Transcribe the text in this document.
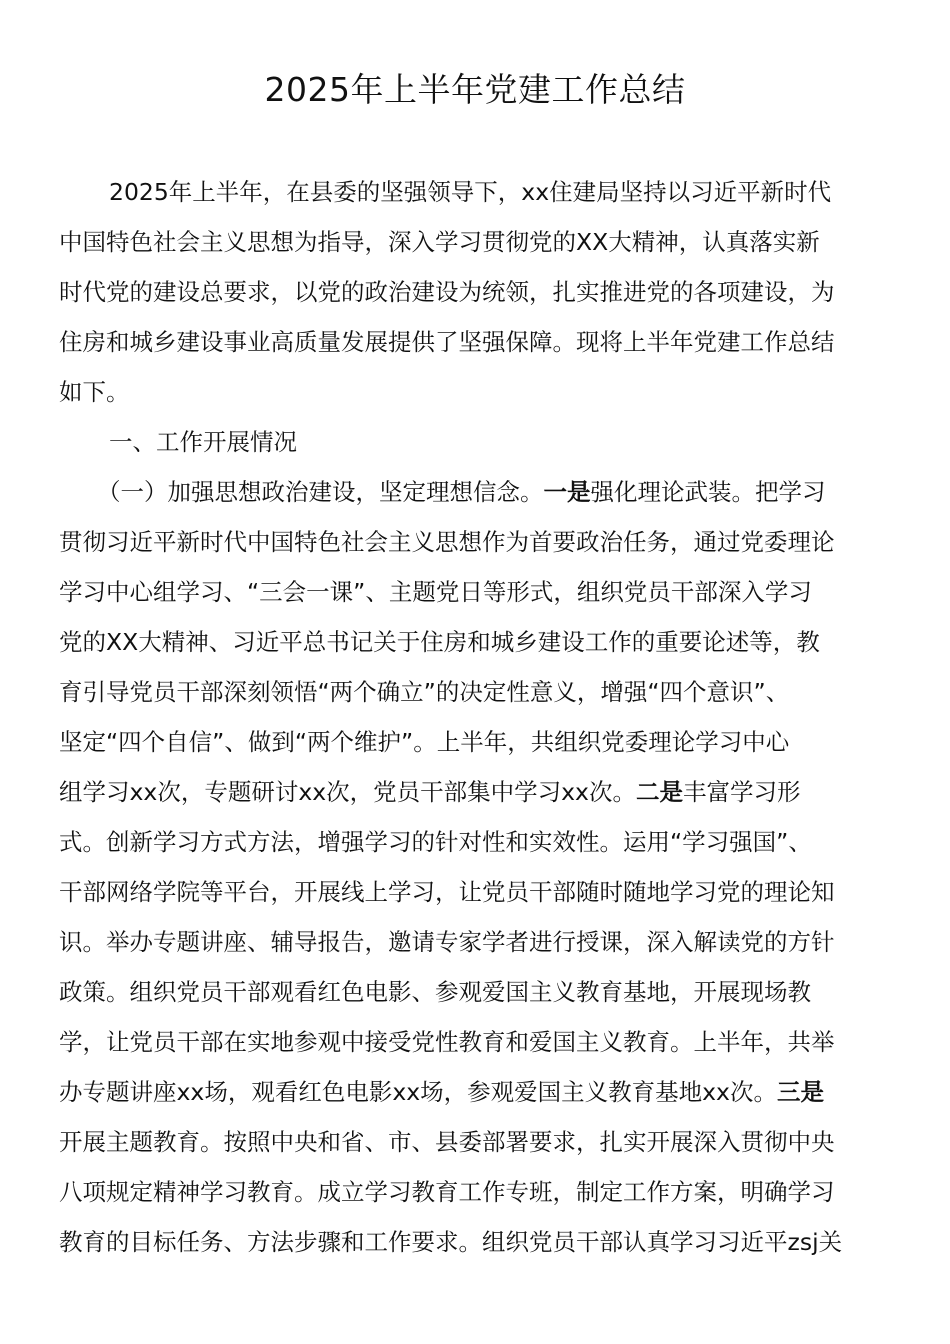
2025年上半年党建工作总结
2025年上半年，在县委的坚强领导下，xx住建局坚持以习近平新时代
中国特色社会主义思想为指导，深入学习贯彻党的XX大精神，认真落实新
时代党的建设总要求，以党的政治建设为统领，扎实推进党的各项建设，为
住房和城乡建设事业高质量发展提供了坚强保障。现将上半年党建工作总结
如下。
一、工作开展情况
（一）加强思想政治建设，坚定理想信念。一是强化理论武装。把学习
贯彻习近平新时代中国特色社会主义思想作为首要政治任务，通过党委理论
学习中心组学习、“三会一课”、主题党日等形式，组织党员干部深入学习
党的XX大精神、习近平总书记关于住房和城乡建设工作的重要论述等，教
育引导党员干部深刻领悟“两个确立”的决定性意义，增强“四个意识”、
坚定“四个自信”、做到“两个维护”。上半年，共组织党委理论学习中心
组学习xx次，专题研讨xx次，党员干部集中学习xx次。二是丰富学习形
式。创新学习方式方法，增强学习的针对性和实效性。运用“学习强国”、
干部网络学院等平台，开展线上学习，让党员干部随时随地学习党的理论知
识。举办专题讲座、辅导报告，邀请专家学者进行授课，深入解读党的方针
政策。组织党员干部观看红色电影、参观爱国主义教育基地，开展现场教
学，让党员干部在实地参观中接受党性教育和爱国主义教育。上半年，共举
办专题讲座xx场，观看红色电影xx场，参观爱国主义教育基地xx次。三是
开展主题教育。按照中央和省、市、县委部署要求，扎实开展深入贯彻中央
八项规定精神学习教育。成立学习教育工作专班，制定工作方案，明确学习
教育的目标任务、方法步骤和工作要求。组织党员干部认真学习习近平zsj关
